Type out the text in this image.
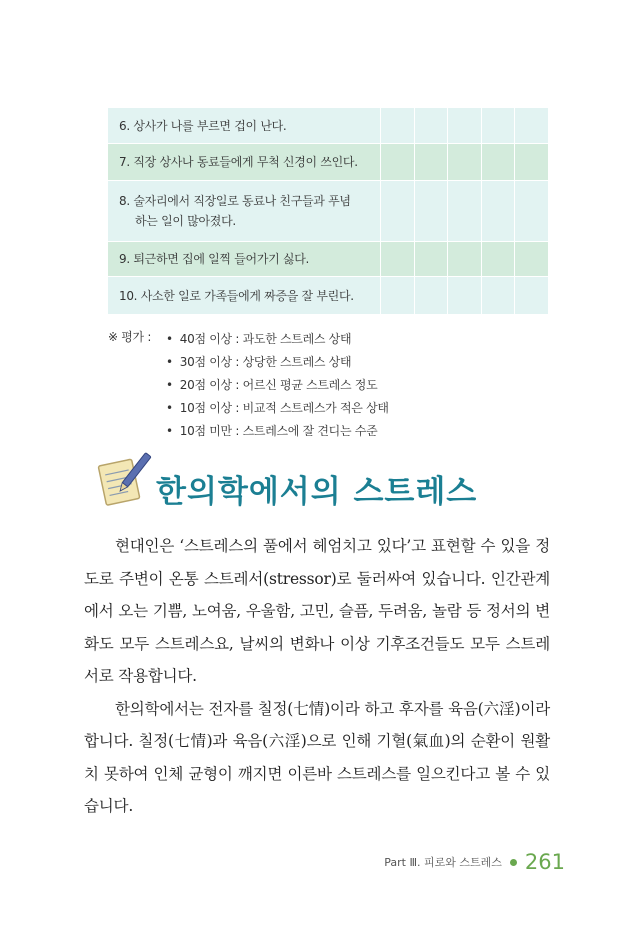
6. 상사가 나를 부르면 겁이 난다.
7. 직장 상사나 동료들에게 무척 신경이 쓰인다.
8. 술자리에서 직장일로 동료나 친구들과 푸념
하는 일이 많아졌다.
9. 퇴근하면 집에 일찍 들어가기 싫다.
10. 사소한 일로 가족들에게 짜증을 잘 부린다.
※ 평가 :
•	40점 이상 : 과도한 스트레스 상태
• 30점 이상 : 상당한 스트레스 상태
• 20점 이상 : 어르신 평균 스트레스 정도
• 10점 이상 : 비교적 스트레스가 적은 상태
• 10점 미만 : 스트레스에 잘 견디는 수준
한의학에서의 스트레스

현대인은 ‘스트레스의 풀에서 헤엄치고 있다’고 표현할 수 있을 정도로 주변이 온통 스트레서(stressor)로 둘러싸여 있습니다. 인간관계에서 오는 기쁨, 노여움, 우울함, 고민, 슬픔, 두려움, 놀람 등 정서의 변화도 모두 스트레스요, 날씨의 변화나 이상 기후조건들도 모두 스트레서로 작용합니다.

한의학에서는 전자를 칠정(七情)이라 하고 후자를 육음(六淫)이라 합니다. 칠정(七情)과 육음(六淫)으로 인해 기혈(氣血)의 순환이 원활치 못하여 인체 균형이 깨지면 이른바 스트레스를 일으킨다고 볼 수 있습니다.

Part Ⅲ. 피로와 스트레스 261
